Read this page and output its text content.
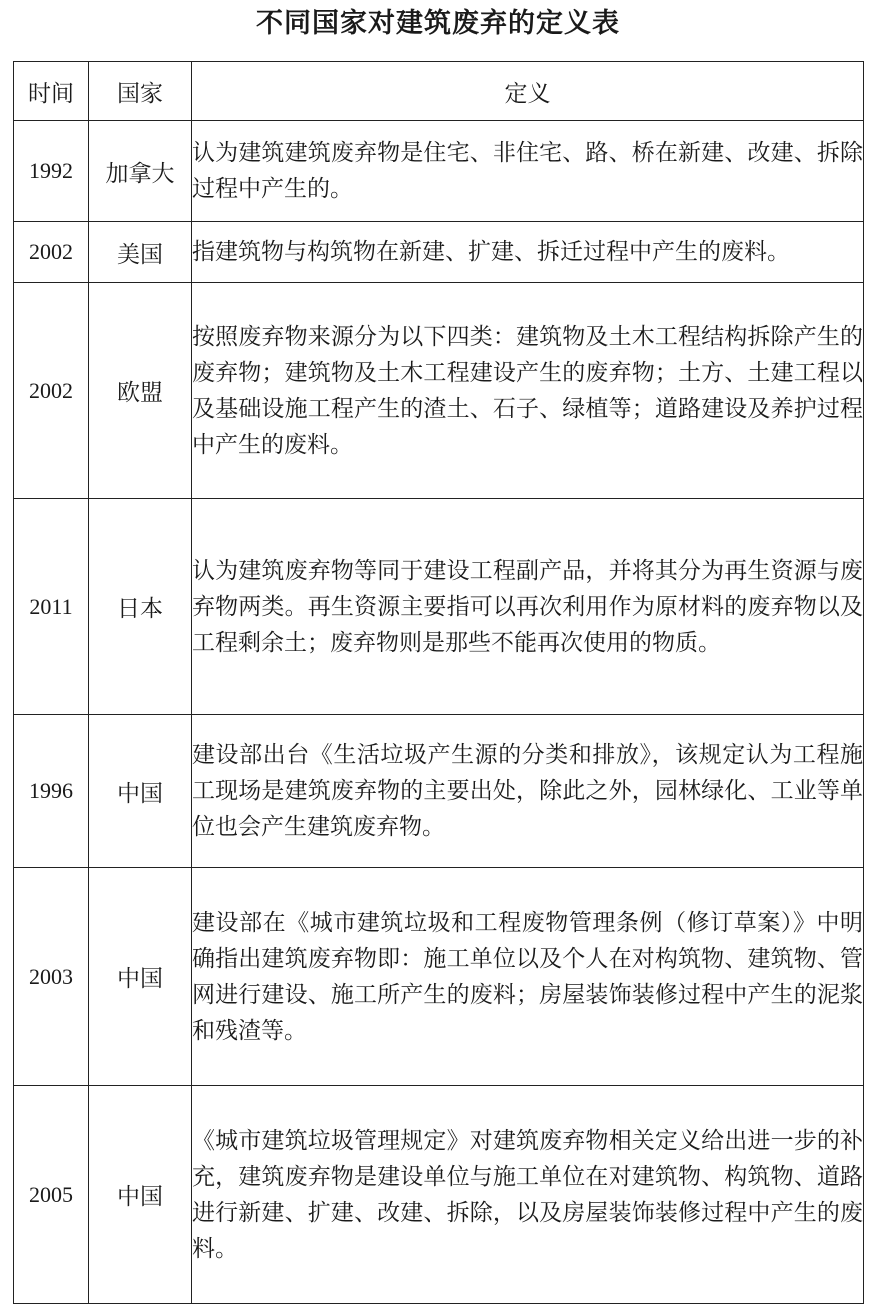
不同国家对建筑废弃的定义表
时间	国家	定义
1992	加拿大	认为建筑建筑废弃物是住宅、非住宅、路、桥在新建、改建、拆除过程中产生的。
2002	美国	指建筑物与构筑物在新建、扩建、拆迁过程中产生的废料。
2002	欧盟	按照废弃物来源分为以下四类：建筑物及土木工程结构拆除产生的废弃物；建筑物及土木工程建设产生的废弃物；土方、土建工程以及基础设施工程产生的渣土、石子、绿植等；道路建设及养护过程中产生的废料。
2011	日本	认为建筑废弃物等同于建设工程副产品，并将其分为再生资源与废弃物两类。再生资源主要指可以再次利用作为原材料的废弃物以及工程剩余土；废弃物则是那些不能再次使用的物质。
1996	中国	建设部出台《生活垃圾产生源的分类和排放》，该规定认为工程施工现场是建筑废弃物的主要出处，除此之外，园林绿化、工业等单位也会产生建筑废弃物。
2003	中国	建设部在《城市建筑垃圾和工程废物管理条例（修订草案）》中明确指出建筑废弃物即：施工单位以及个人在对构筑物、建筑物、管网进行建设、施工所产生的废料；房屋装饰装修过程中产生的泥浆和残渣等。
2005	中国	《城市建筑垃圾管理规定》对建筑废弃物相关定义给出进一步的补充，建筑废弃物是建设单位与施工单位在对建筑物、构筑物、道路进行新建、扩建、改建、拆除，以及房屋装饰装修过程中产生的废料。
